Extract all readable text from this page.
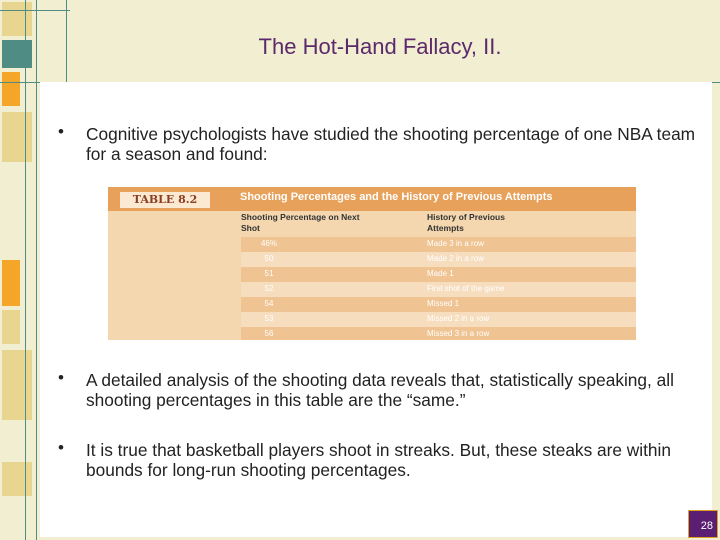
The Hot-Hand Fallacy, II.
• Cognitive psychologists have studied the shooting percentage of one NBA team for a season and found:
TABLE 8.2	Shooting Percentages and the History of Previous Attempts
Shooting Percentage on Next Shot
History of Previous Attempts
46%	Made 3 in a row
50	Made 2 in a row
51	Made 1
52	First shot of the game
54	Missed 1
53	Missed 2 in a row
56	Missed 3 in a row
• A detailed analysis of the shooting data reveals that, statistically speaking, all shooting percentages in this table are the “same.”
• It is true that basketball players shoot in streaks. But, these steaks are within bounds for long-run shooting percentages.
28
